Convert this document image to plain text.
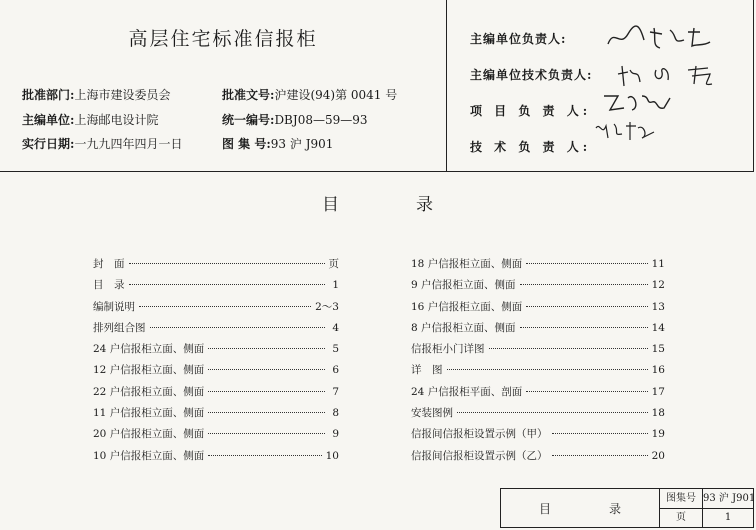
高层住宅标准信报柜
批准部门:上海市建设委员会
主编单位:上海邮电设计院
实行日期:一九九四年四月一日
批准文号:沪建设(94)第 0041 号
统一编号:DBJ08—59—93
图 集 号:93 沪 J901
主编单位负责人:
主编单位技术负责人:
项 目 负 责 人:
技 术 负 责 人:
目	录
封　面	页
目　录	1
编制说明	2～3
排列组合图	4
24 户信报柜立面、侧面	5
12 户信报柜立面、侧面	6
22 户信报柜立面、侧面	7
11 户信报柜立面、侧面	8
20 户信报柜立面、侧面	9
10 户信报柜立面、侧面	10
18 户信报柜立面、侧面	11
9 户信报柜立面、侧面	12
16 户信报柜立面、侧面	13
8 户信报柜立面、侧面	14
信报柜小门详图	15
详　图	16
24 户信报柜平面、剖面	17
安装图例	18
信报间信报柜设置示例（甲）	19
信报间信报柜设置示例（乙）	20
目	录
图集号 93 沪 J901
页	1
